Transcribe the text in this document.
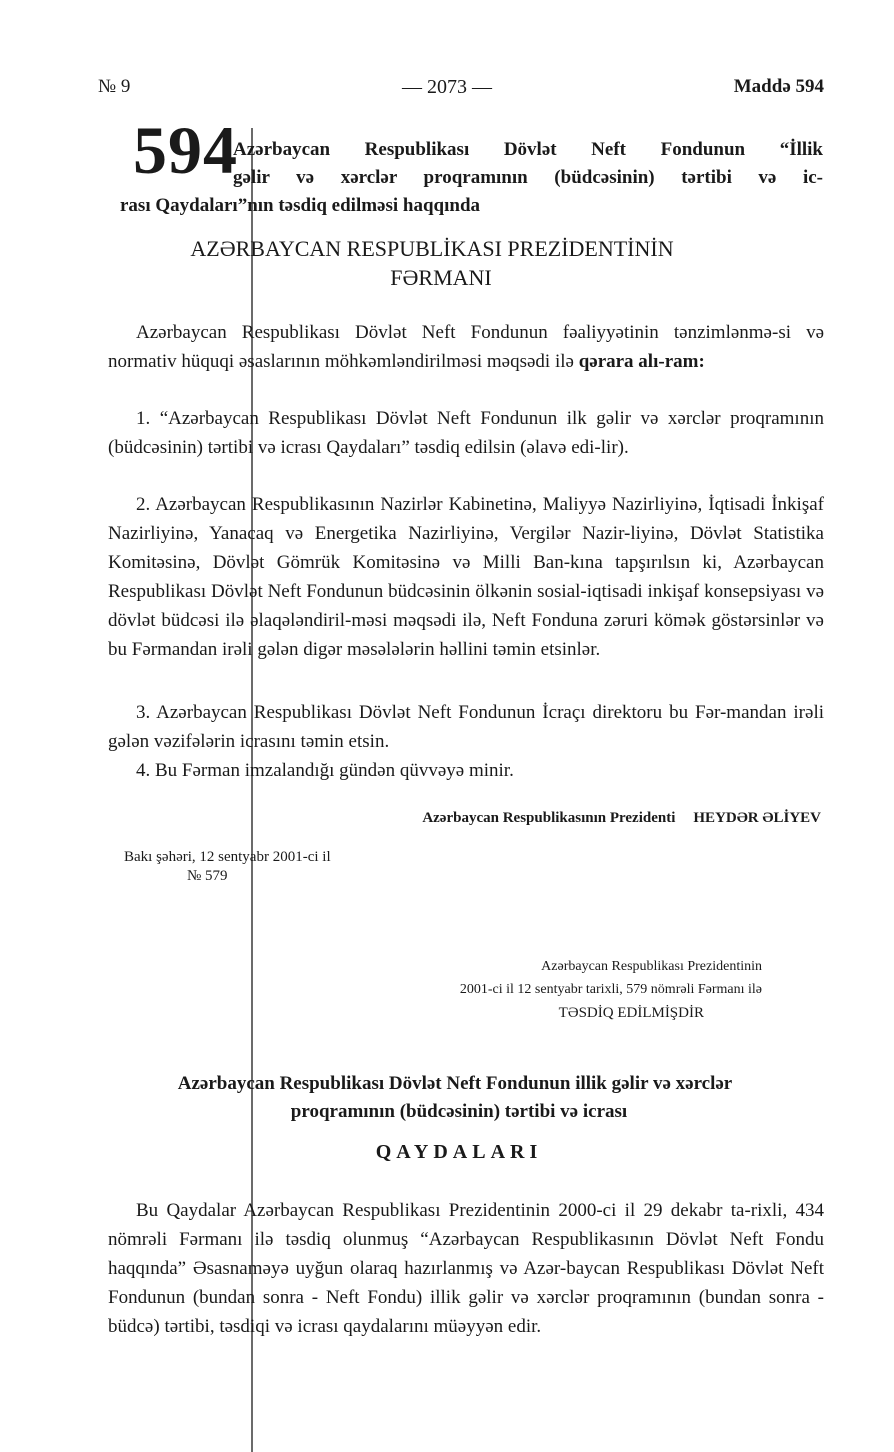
№ 9	— 2073 —	Maddə 594
594
Azərbaycan Respublikası Dövlət Neft Fondunun “İllik
gəlir və xərclər proqramının (büdcəsinin) tərtibi və ic-
rası Qaydaları”nın təsdiq edilməsi haqqında
AZƏRBAYCAN RESPUBLİKASI PREZİDENTİNİN
FƏRMANI

Azərbaycan Respublikası Dövlət Neft Fondunun fəaliyyətinin tənzimlənmə-si və normativ hüquqi əsaslarının möhkəmləndirilməsi məqsədi ilə qərara alı-ram:

1. “Azərbaycan Respublikası Dövlət Neft Fondunun ilk gəlir və xərclər proqramının (büdcəsinin) tərtibi və icrası Qaydaları” təsdiq edilsin (əlavə edi-lir).

2. Azərbaycan Respublikasının Nazirlər Kabinetinə, Maliyyə Nazirliyinə, İqtisadi İnkişaf Nazirliyinə, Yanacaq və Energetika Nazirliyinə, Vergilər Nazir-liyinə, Dövlət Statistika Komitəsinə, Dövlət Gömrük Komitəsinə və Milli Ban-kına tapşırılsın ki, Azərbaycan Respublikası Dövlət Neft Fondunun büdcəsinin ölkənin sosial-iqtisadi inkişaf konsepsiyası və dövlət büdcəsi ilə əlaqələndiril-məsi məqsədi ilə, Neft Fonduna zəruri kömək göstərsinlər və bu Fərmandan irəli gələn digər məsələlərin həllini təmin etsinlər.

3. Azərbaycan Respublikası Dövlət Neft Fondunun İcraçı direktoru bu Fər-mandan irəli gələn vəzifələrin icrasını təmin etsin.

4. Bu Fərman imzalandığı gündən qüvvəyə minir.

Azərbaycan Respublikasının Prezidenti HEYDƏR ƏLİYEV
Bakı şəhəri, 12 sentyabr 2001-ci il
№ 579
Azərbaycan Respublikası Prezidentinin
2001-ci il 12 sentyabr tarixli, 579 nömrəli Fərmanı ilə
TƏSDİQ EDİLMİŞDİR
Azərbaycan Respublikası Dövlət Neft Fondunun illik gəlir və xərclər
proqramının (büdcəsinin) tərtibi və icrası
QAYDALARI

Bu Qaydalar Azərbaycan Respublikası Prezidentinin 2000-ci il 29 dekabr ta-rixli, 434 nömrəli Fərmanı ilə təsdiq olunmuş “Azərbaycan Respublikasının Dövlət Neft Fondu haqqında” Əsasnaməyə uyğun olaraq hazırlanmış və Azər-baycan Respublikası Dövlət Neft Fondunun (bundan sonra - Neft Fondu) illik gəlir və xərclər proqramının (bundan sonra - büdcə) tərtibi, təsdiqi və icrası qaydalarını müəyyən edir.
